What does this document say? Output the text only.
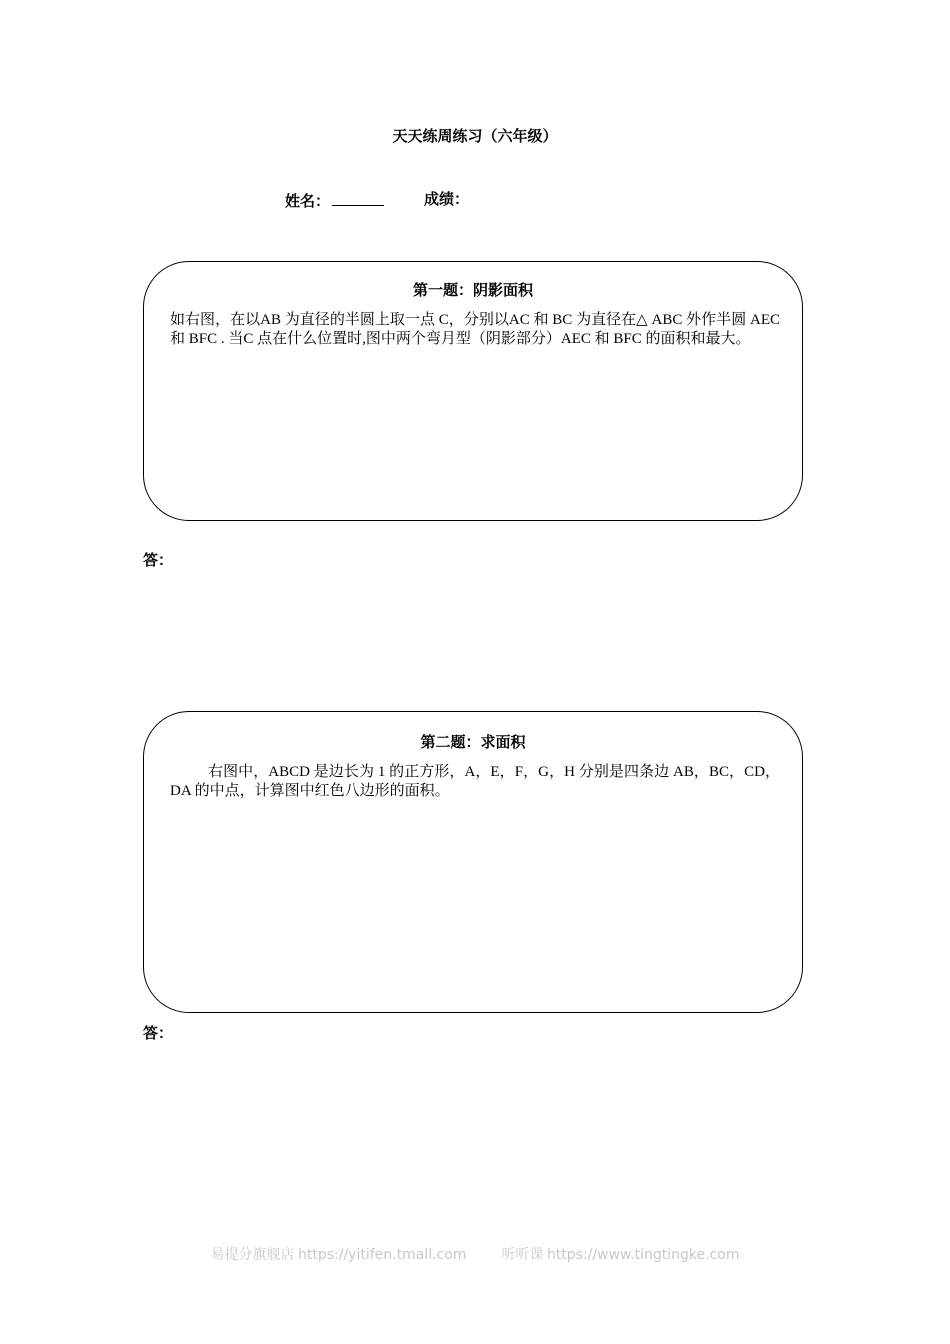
天天练周练习（六年级）
姓名：	成绩：
第一题：阴影面积
如右图，在以AB 为直径的半圆上取一点 C，分别以AC 和 BC 为直径在△ ABC 外作半圆 AEC 和 BFC . 当C 点在什么位置时,图中两个弯月型（阴影部分）AEC 和 BFC 的面积和最大。
答：
第二题：求面积
右图中，ABCD 是边长为 1 的正方形，A，E，F，G，H 分别是四条边 AB，BC，CD，DA 的中点，计算图中红色八边形的面积。
答：
易提分旗舰店 https://yitifen.tmall.com	听听课 https://www.tingtingke.com
